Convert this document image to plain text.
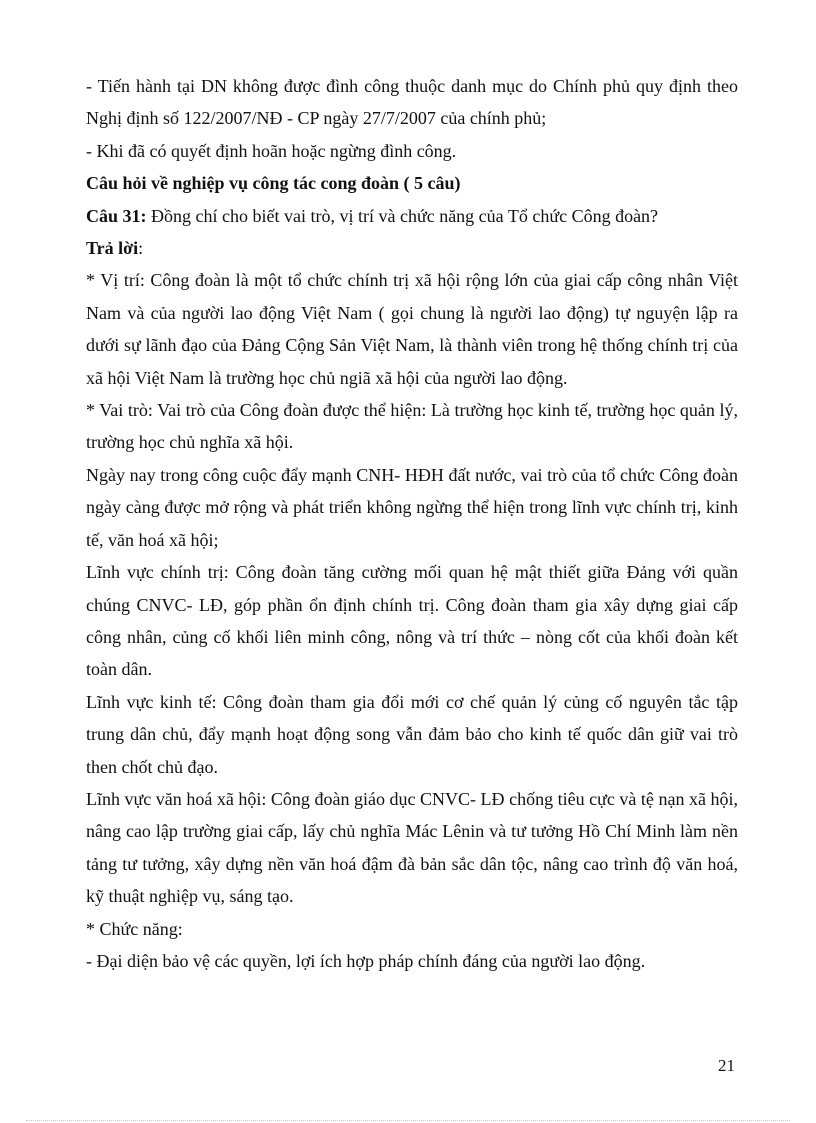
- Tiến hành tại DN không được đình công thuộc danh mục do Chính phủ quy định theo Nghị định số 122/2007/NĐ - CP ngày 27/7/2007 của chính phủ;

- Khi đã có quyết định hoãn hoặc ngừng đình công.

Câu hỏi về nghiệp vụ công tác cong đoàn ( 5 câu)

Câu 31: Đồng chí cho biết vai trò, vị trí và chức năng của Tổ chức Công đoàn?

Trả lời:

* Vị trí: Công đoàn là một tổ chức chính trị xã hội rộng lớn của giai cấp công nhân Việt Nam và của người lao động Việt Nam ( gọi chung là người lao động) tự nguyện lập ra dưới sự lãnh đạo của Đảng Cộng Sản Việt Nam, là thành viên trong hệ thống chính trị của xã hội Việt Nam là trường học chủ ngiã xã hội của người lao động.

* Vai trò: Vai trò của Công đoàn được thể hiện: Là trường học kinh tế, trường học quản lý, trường học chủ nghĩa xã hội.

Ngày nay trong công cuộc đẩy mạnh CNH- HĐH đất nước, vai trò của tổ chức Công đoàn ngày càng được mở rộng và phát triển không ngừng thể hiện trong lĩnh vực chính trị, kinh tế, văn hoá xã hội;

Lĩnh vực chính trị: Công đoàn tăng cường mối quan hệ mật thiết giữa Đảng với quần chúng CNVC- LĐ, góp phần ổn định chính trị. Công đoàn tham gia xây dựng giai cấp công nhân, củng cố khối liên minh công, nông và trí thức – nòng cốt của khối đoàn kết toàn dân.

Lĩnh vực kinh tế: Công đoàn tham gia đổi mới cơ chế quản lý củng cố nguyên tắc tập trung dân chủ, đẩy mạnh hoạt động song vẫn đảm bảo cho kinh tế quốc dân giữ vai trò then chốt chủ đạo.

Lĩnh vực văn hoá xã hội: Công đoàn giáo dục CNVC- LĐ chống tiêu cực và tệ nạn xã hội, nâng cao lập trường giai cấp, lấy chủ nghĩa Mác Lênin và tư tưởng Hồ Chí Minh làm nền tảng tư tưởng, xây dựng nền văn hoá đậm đà bản sắc dân tộc, nâng cao trình độ văn hoá, kỹ thuật nghiệp vụ, sáng tạo.

* Chức năng:

- Đại diện bảo vệ các quyền, lợi ích hợp pháp chính đáng của người lao động.

21
